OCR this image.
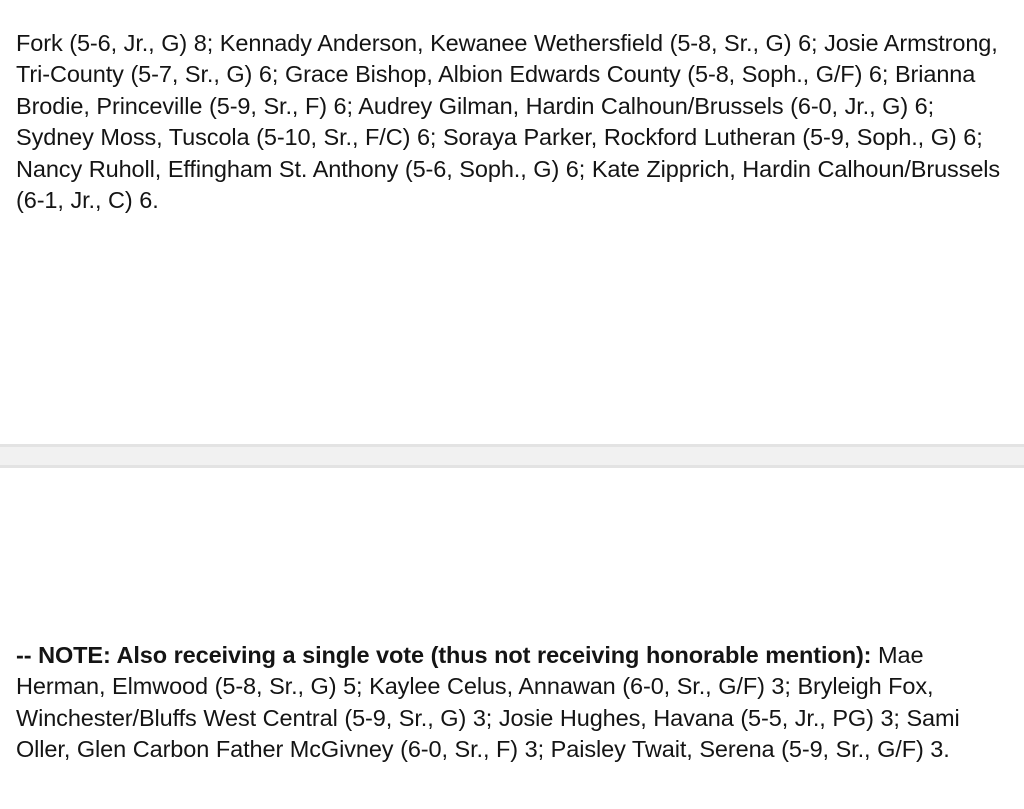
Fork (5-6, Jr., G) 8; Kennady Anderson, Kewanee Wethersfield (5-8, Sr., G) 6; Josie Armstrong, Tri-County (5-7, Sr., G) 6; Grace Bishop, Albion Edwards County (5-8, Soph., G/F) 6; Brianna Brodie, Princeville (5-9, Sr., F) 6; Audrey Gilman, Hardin Calhoun/Brussels (6-0, Jr., G) 6; Sydney Moss, Tuscola (5-10, Sr., F/C) 6; Soraya Parker, Rockford Lutheran (5-9, Soph., G) 6; Nancy Ruholl, Effingham St. Anthony (5-6, Soph., G) 6; Kate Zipprich, Hardin Calhoun/Brussels (6-1, Jr., C) 6.

-- NOTE: Also receiving a single vote (thus not receiving honorable mention): Mae Herman, Elmwood (5-8, Sr., G) 5; Kaylee Celus, Annawan (6-0, Sr., G/F) 3; Bryleigh Fox, Winchester/Bluffs West Central (5-9, Sr., G) 3; Josie Hughes, Havana (5-5, Jr., PG) 3; Sami Oller, Glen Carbon Father McGivney (6-0, Sr., F) 3; Paisley Twait, Serena (5-9, Sr., G/F) 3.
